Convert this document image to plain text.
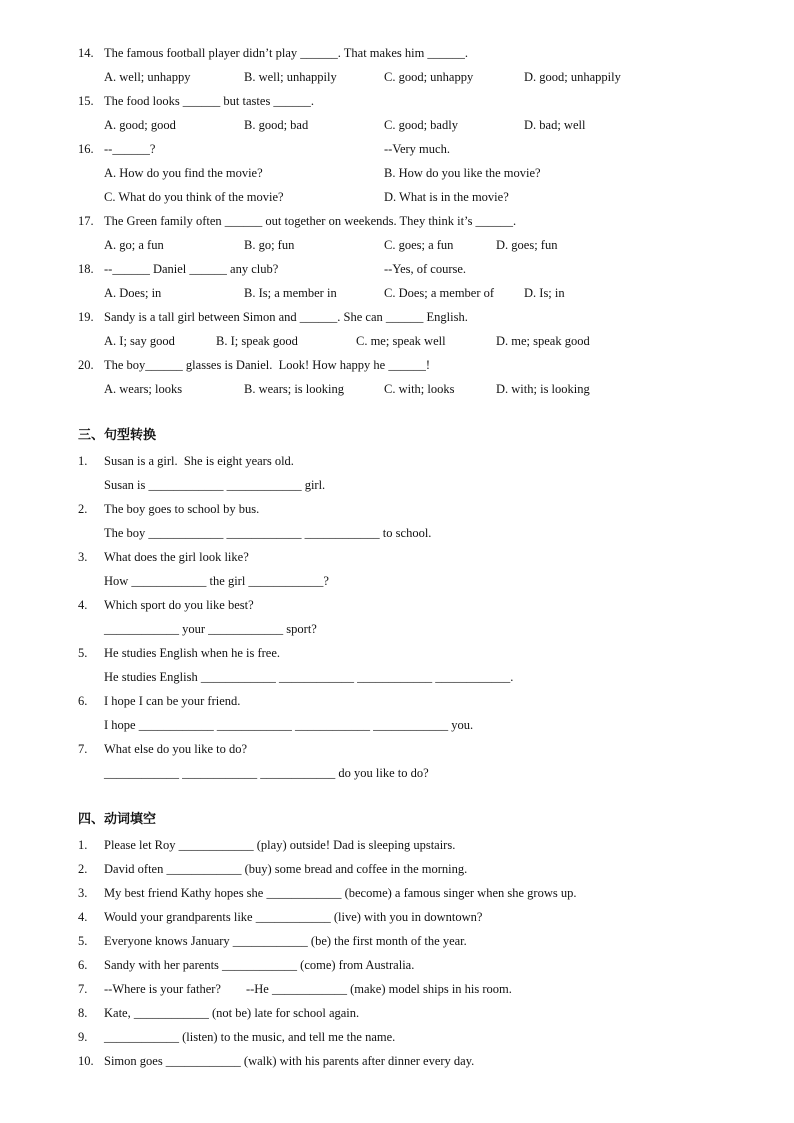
14. The famous football player didn’t play ______. That makes him ______.
A. well; unhappy	B. well; unhappily	C. good; unhappy	D. good; unhappily
15. The food looks ______ but tastes ______.
A. good; good	B. good; bad	C. good; badly	D. bad; well
16. --______?	--Very much.
A. How do you find the movie?	B. How do you like the movie?
C. What do you think of the movie?	D. What is in the movie?
17. The Green family often ______ out together on weekends. They think it’s ______.
A. go; a fun	B. go; fun	C. goes; a fun	D. goes; fun
18. --______ Daniel ______ any club?	--Yes, of course.
A. Does; in	B. Is; a member in	C. Does; a member of D. Is; in
19. Sandy is a tall girl between Simon and ______. She can ______ English.
A. I; say good	B. I; speak good	C. me; speak well	D. me; speak good
20. The boy______ glasses is Daniel.  Look! How happy he ______!
A. wears; looks	B. wears; is looking	C. with; looks	D. with; is looking
三、句型转换
1. Susan is a girl.  She is eight years old.
Susan is ____________ ____________ girl.
2. The boy goes to school by bus.
The boy ____________ ____________ ____________ to school.
3. What does the girl look like?
How ____________ the girl ____________?
4. Which sport do you like best?
____________ your ____________ sport?
5. He studies English when he is free.
He studies English ____________ ____________ ____________ ____________.
6. I hope I can be your friend.
I hope ____________ ____________ ____________ ____________ you.
7. What else do you like to do?
____________ ____________ ____________ do you like to do?
四、动词填空
1. Please let Roy ____________ (play) outside! Dad is sleeping upstairs.
2. David often ____________ (buy) some bread and coffee in the morning.
3. My best friend Kathy hopes she ____________ (become) a famous singer when she grows up.
4. Would your grandparents like ____________ (live) with you in downtown?
5. Everyone knows January ____________ (be) the first month of the year.
6. Sandy with her parents ____________ (come) from Australia.
7. --Where is your father?        --He ____________ (make) model ships in his room.
8. Kate, ____________ (not be) late for school again.
9. ____________ (listen) to the music, and tell me the name.
10. Simon goes ____________ (walk) with his parents after dinner every day.
